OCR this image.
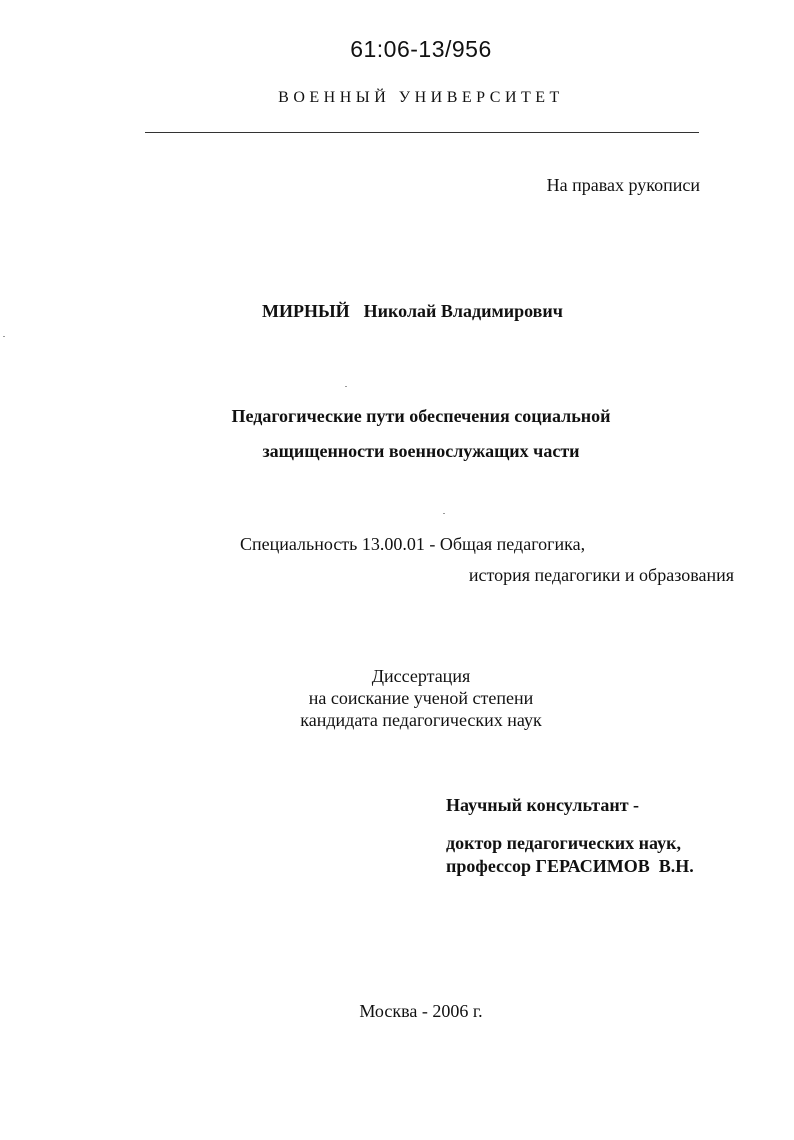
61:06-13/956
ВОЕННЫЙ УНИВЕРСИТЕТ
На правах рукописи
МИРНЫЙ Николай Владимирович
Педагогические пути обеспечения социальной
защищенности военнослужащих части
Специальность 13.00.01 - Общая педагогика,
история педагогики и образования
Диссертация
на соискание ученой степени
кандидата педагогических наук
Научный консультант -
доктор педагогических наук,
профессор ГЕРАСИМОВ  В.Н.
Москва - 2006 г.
